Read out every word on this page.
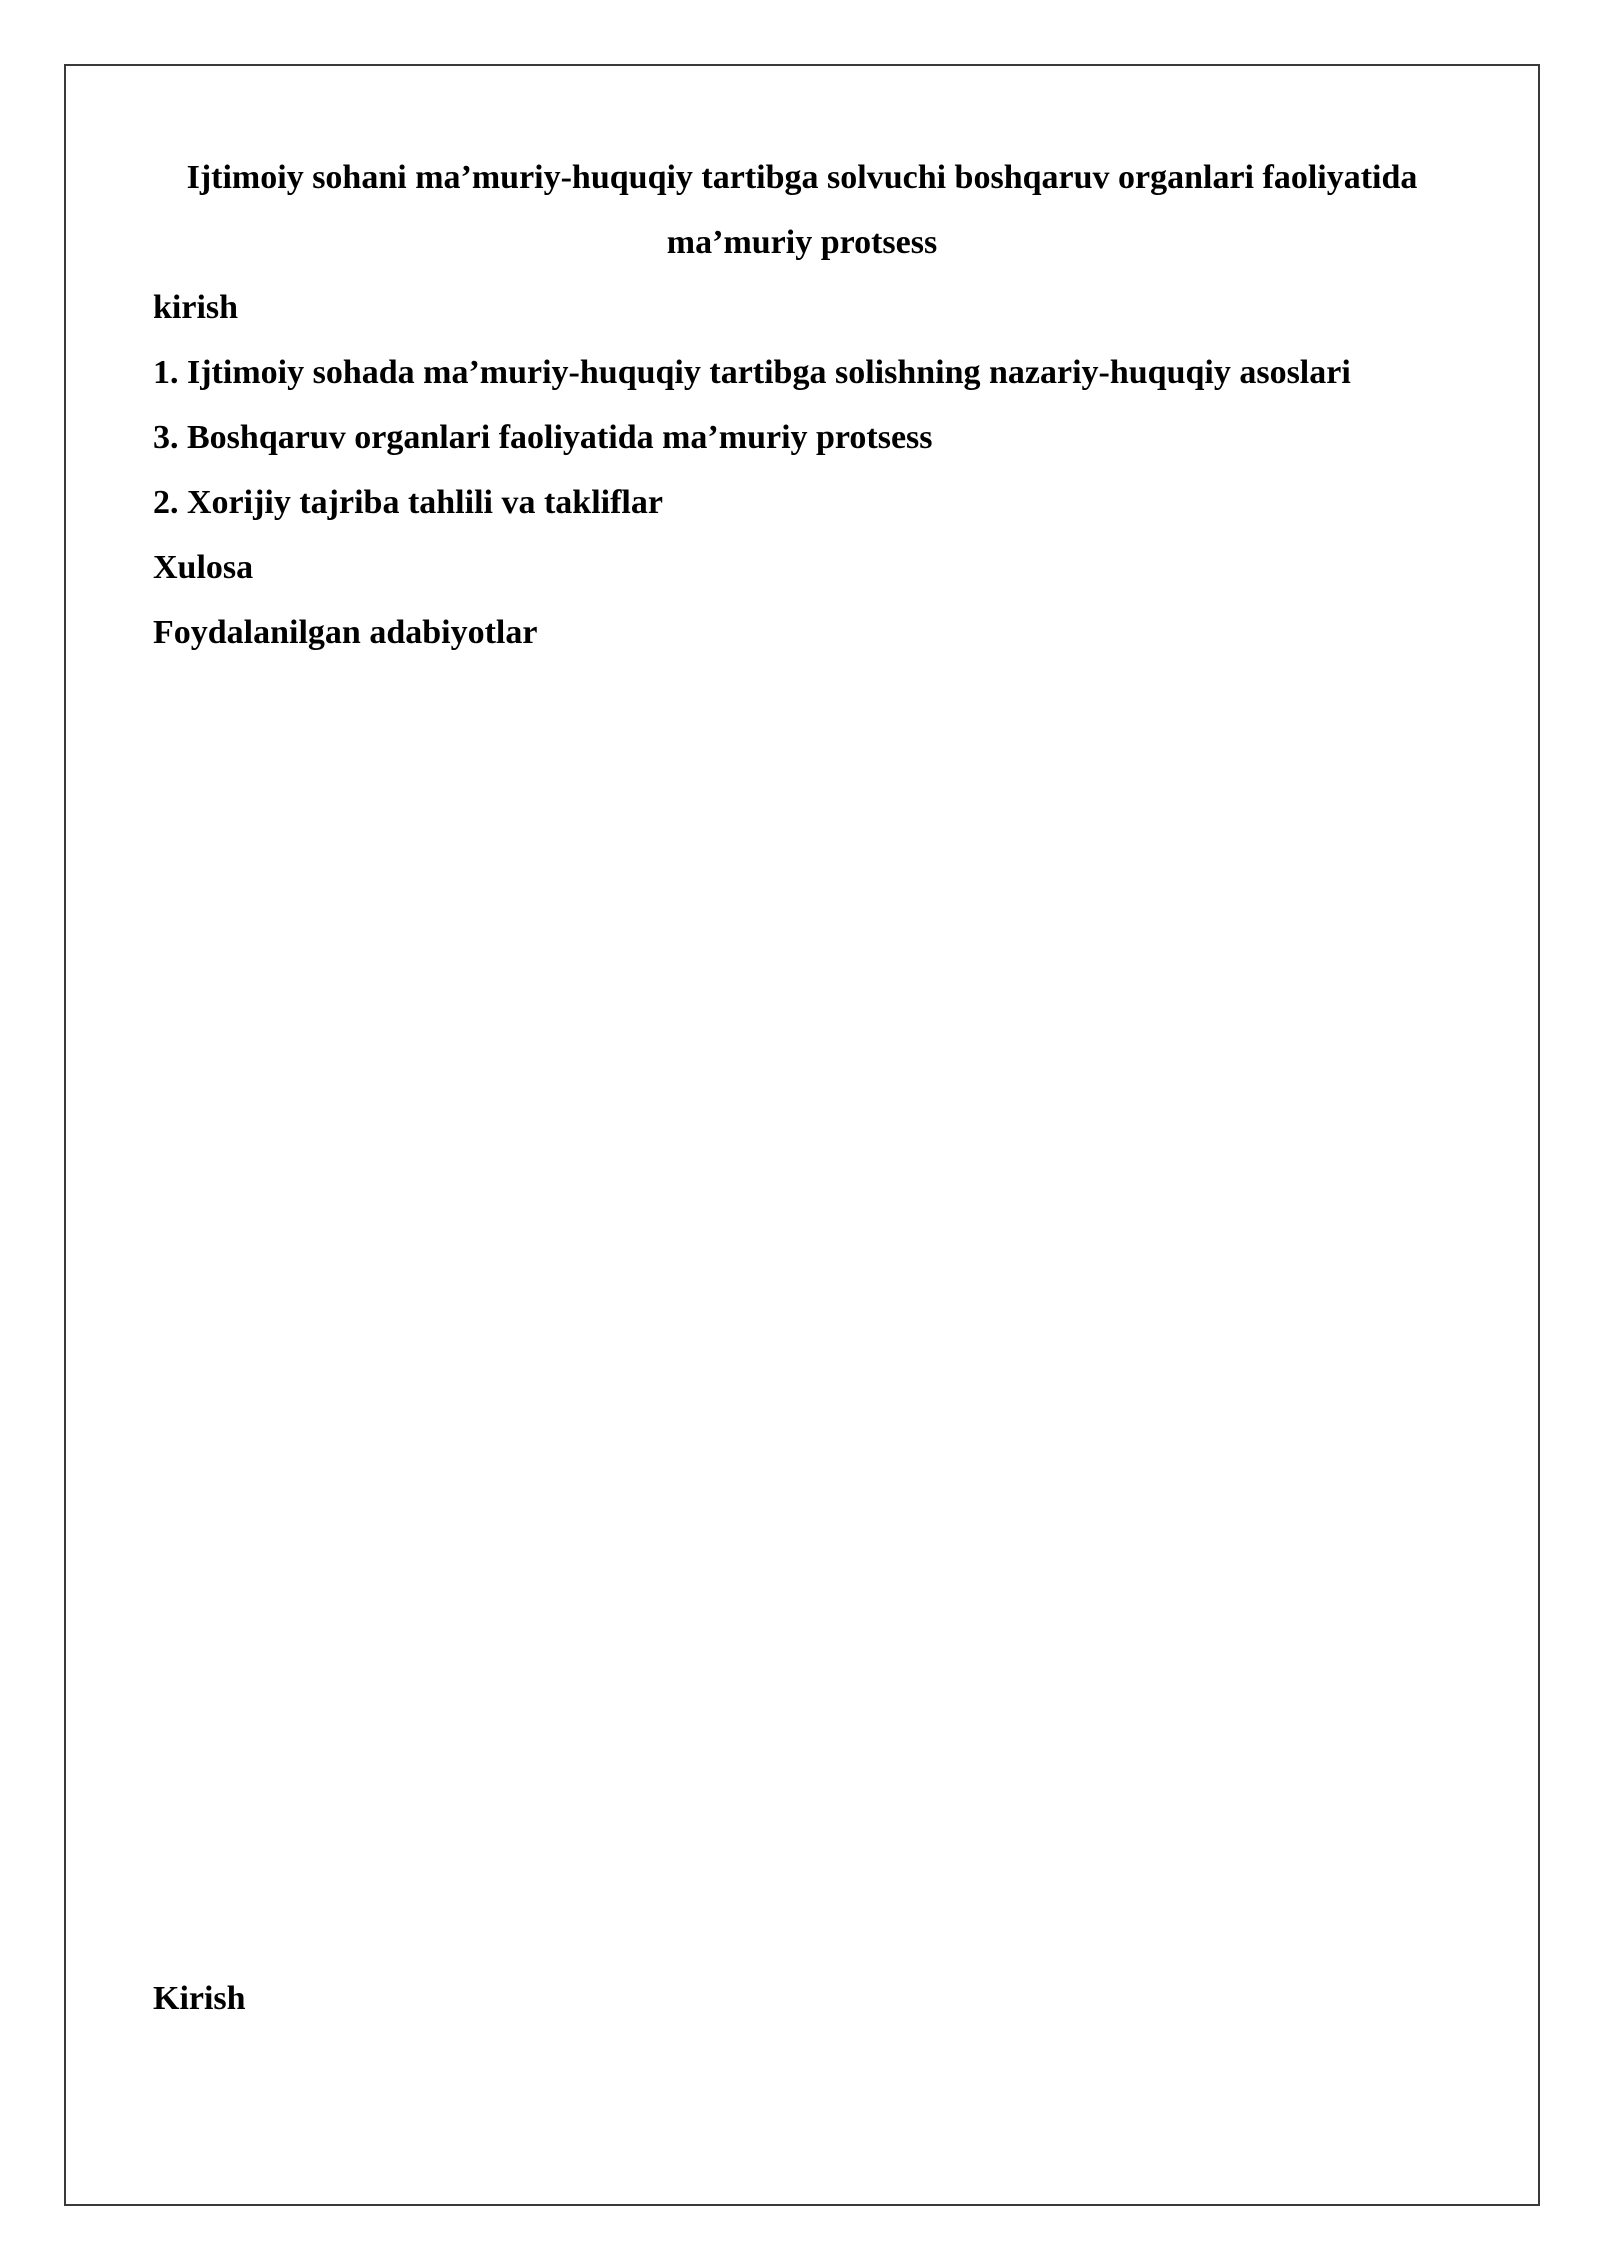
Ijtimoiy sohani ma’muriy-huquqiy tartibga solvuchi boshqaruv organlari faoliyatida ma’muriy protsess

kirish
1. Ijtimoiy sohada ma’muriy-huquqiy tartibga solishning nazariy-huquqiy asoslari
3. Boshqaruv organlari faoliyatida ma’muriy protsess
2. Xorijiy tajriba tahlili va takliflar
Xulosa
Foydalanilgan adabiyotlar

Kirish
